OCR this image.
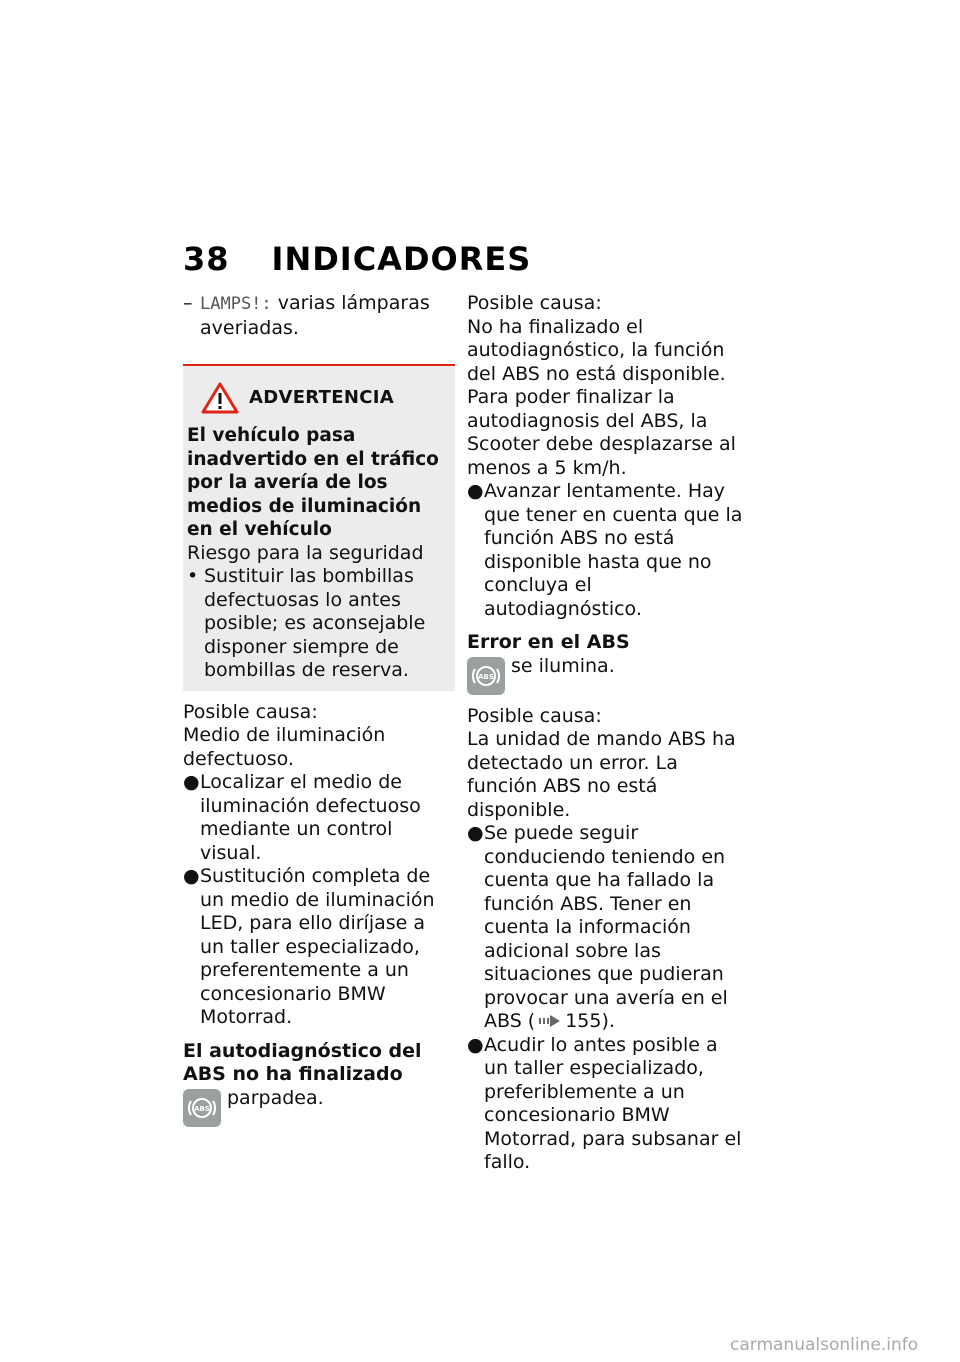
38 INDICADORES

– LAMPS!: varias lámparas averiadas.

ADVERTENCIA

El vehículo pasa inadvertido en el tráfico por la avería de los medios de iluminación en el vehículo

Riesgo para la seguridad

• Sustituir las bombillas defectuosas lo antes posible; es aconsejable disponer siempre de bombillas de reserva.

Posible causa:

Medio de iluminación defectuoso.

● Localizar el medio de iluminación defectuoso mediante un control visual.
● Sustitución completa de un medio de iluminación LED, para ello diríjase a un taller especializado, preferentemente a un concesionario BMW Motorrad.

El autodiagnóstico del ABS no ha finalizado

ABS parpadea.

Posible causa:

No ha finalizado el autodiagnóstico, la función del ABS no está disponible. Para poder finalizar la autodiagnosis del ABS, la Scooter debe desplazarse al menos a 5 km/h.

● Avanzar lentamente. Hay que tener en cuenta que la función ABS no está disponible hasta que no concluya el autodiagnóstico.

Error en el ABS

ABS se ilumina.

Posible causa:

La unidad de mando ABS ha detectado un error. La función ABS no está disponible.

● Se puede seguir conduciendo teniendo en cuenta que ha fallado la función ABS. Tener en cuenta la información adicional sobre las situaciones que pudieran provocar una avería en el ABS ( 155).
● Acudir lo antes posible a un taller especializado, preferiblemente a un concesionario BMW Motorrad, para subsanar el fallo.
carmanualsonline.info
